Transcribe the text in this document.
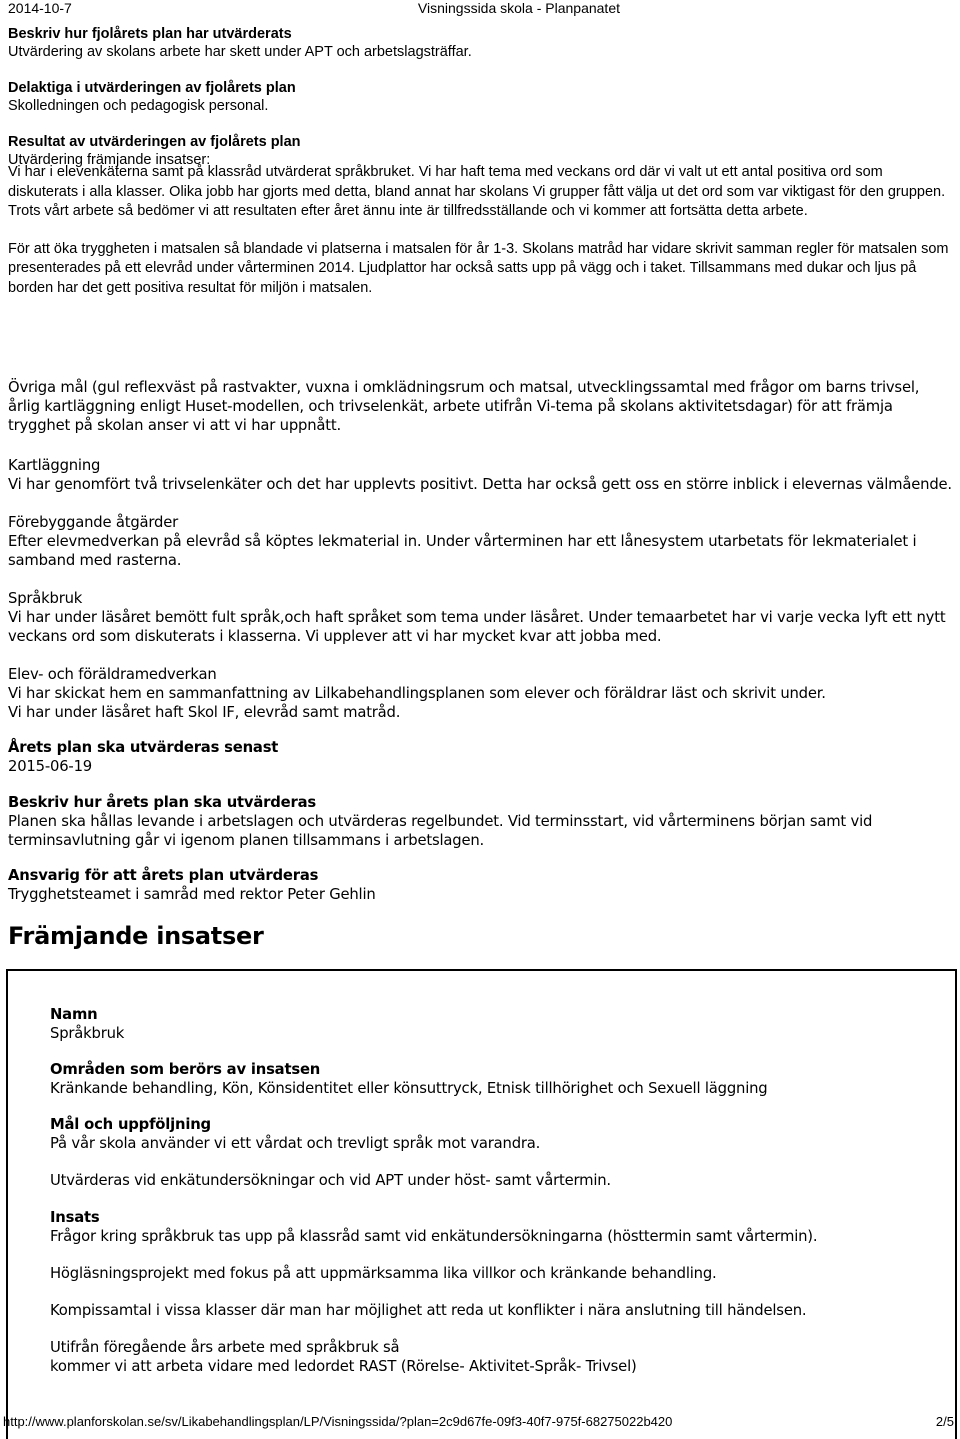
2014-10-7	Visningssida skola - Planpanatet
Beskriv hur fjolårets plan har utvärderats
Utvärdering av skolans arbete har skett under APT och arbetslagsträffar.
Delaktiga i utvärderingen av fjolårets plan
Skolledningen och pedagogisk personal.
Resultat av utvärderingen av fjolårets plan
Utvärdering främjande insatser:

Vi har i elevenkäterna samt på klassråd utvärderat språkbruket. Vi har haft tema med veckans ord där vi valt ut ett antal positiva ord som diskuterats i alla klasser. Olika jobb har gjorts med detta, bland annat har skolans Vi grupper fått välja ut det ord som var viktigast för den gruppen. Trots vårt arbete så bedömer vi att resultaten efter året ännu inte är tillfredsställande och vi kommer att fortsätta detta arbete.

För att öka tryggheten i matsalen så blandade vi platserna i matsalen för år 1-3. Skolans matråd har vidare skrivit samman regler för matsalen som presenterades på ett elevråd under vårterminen 2014. Ljudplattor har också satts upp på vägg och i taket. Tillsammans med dukar och ljus på borden har det gett positiva resultat för miljön i matsalen.

Övriga mål (gul reflexväst på rastvakter, vuxna i omklädningsrum och matsal, utvecklingssamtal med frågor om barns trivsel, årlig kartläggning enligt Huset-modellen, och trivselenkät, arbete utifrån Vi-tema på skolans aktivitetsdagar) för att främja trygghet på skolan anser vi att vi har uppnått.

Kartläggning
Vi har genomfört två trivselenkäter och det har upplevts positivt. Detta har också gett oss en större inblick i elevernas välmående.
Förebyggande åtgärder
Efter elevmedverkan på elevråd så köptes lekmaterial in. Under vårterminen har ett lånesystem utarbetats för lekmaterialet i samband med rasterna.
Språkbruk
Vi har under läsåret bemött fult språk,och haft språket som tema under läsåret. Under temaarbetet har vi varje vecka lyft ett nytt veckans ord som diskuterats i klasserna. Vi upplever att vi har mycket kvar att jobba med.
Elev- och föräldramedverkan
Vi har skickat hem en sammanfattning av Lilkabehandlingsplanen som elever och föräldrar läst och skrivit under.
Vi har under läsåret haft Skol IF, elevråd samt matråd.
Årets plan ska utvärderas senast
2015-06-19
Beskriv hur årets plan ska utvärderas
Planen ska hållas levande i arbetslagen och utvärderas regelbundet. Vid terminsstart, vid vårterminens början samt vid terminsavlutning går vi igenom planen tillsammans i arbetslagen.
Ansvarig för att årets plan utvärderas
Trygghetsteamet i samråd med rektor Peter Gehlin
Främjande insatser
Namn
Språkbruk
Områden som berörs av insatsen
Kränkande behandling, Kön, Könsidentitet eller könsuttryck, Etnisk tillhörighet och Sexuell läggning
Mål och uppföljning
På vår skola använder vi ett vårdat och trevligt språk mot varandra.
Utvärderas vid enkätundersökningar och vid APT under höst- samt vårtermin.
Insats
Frågor kring språkbruk tas upp på klassråd samt vid enkätundersökningarna (hösttermin samt vårtermin).
Högläsningsprojekt med fokus på att uppmärksamma lika villkor och kränkande behandling.
Kompissamtal i vissa klasser där man har möjlighet att reda ut konflikter i nära anslutning till händelsen.
Utifrån föregående års arbete med språkbruk så
kommer vi att arbeta vidare med ledordet RAST (Rörelse- Aktivitet-Språk- Trivsel)
http://www.planforskolan.se/sv/Likabehandlingsplan/LP/Visningssida/?plan=2c9d67fe-09f3-40f7-975f-68275022b420	2/5
